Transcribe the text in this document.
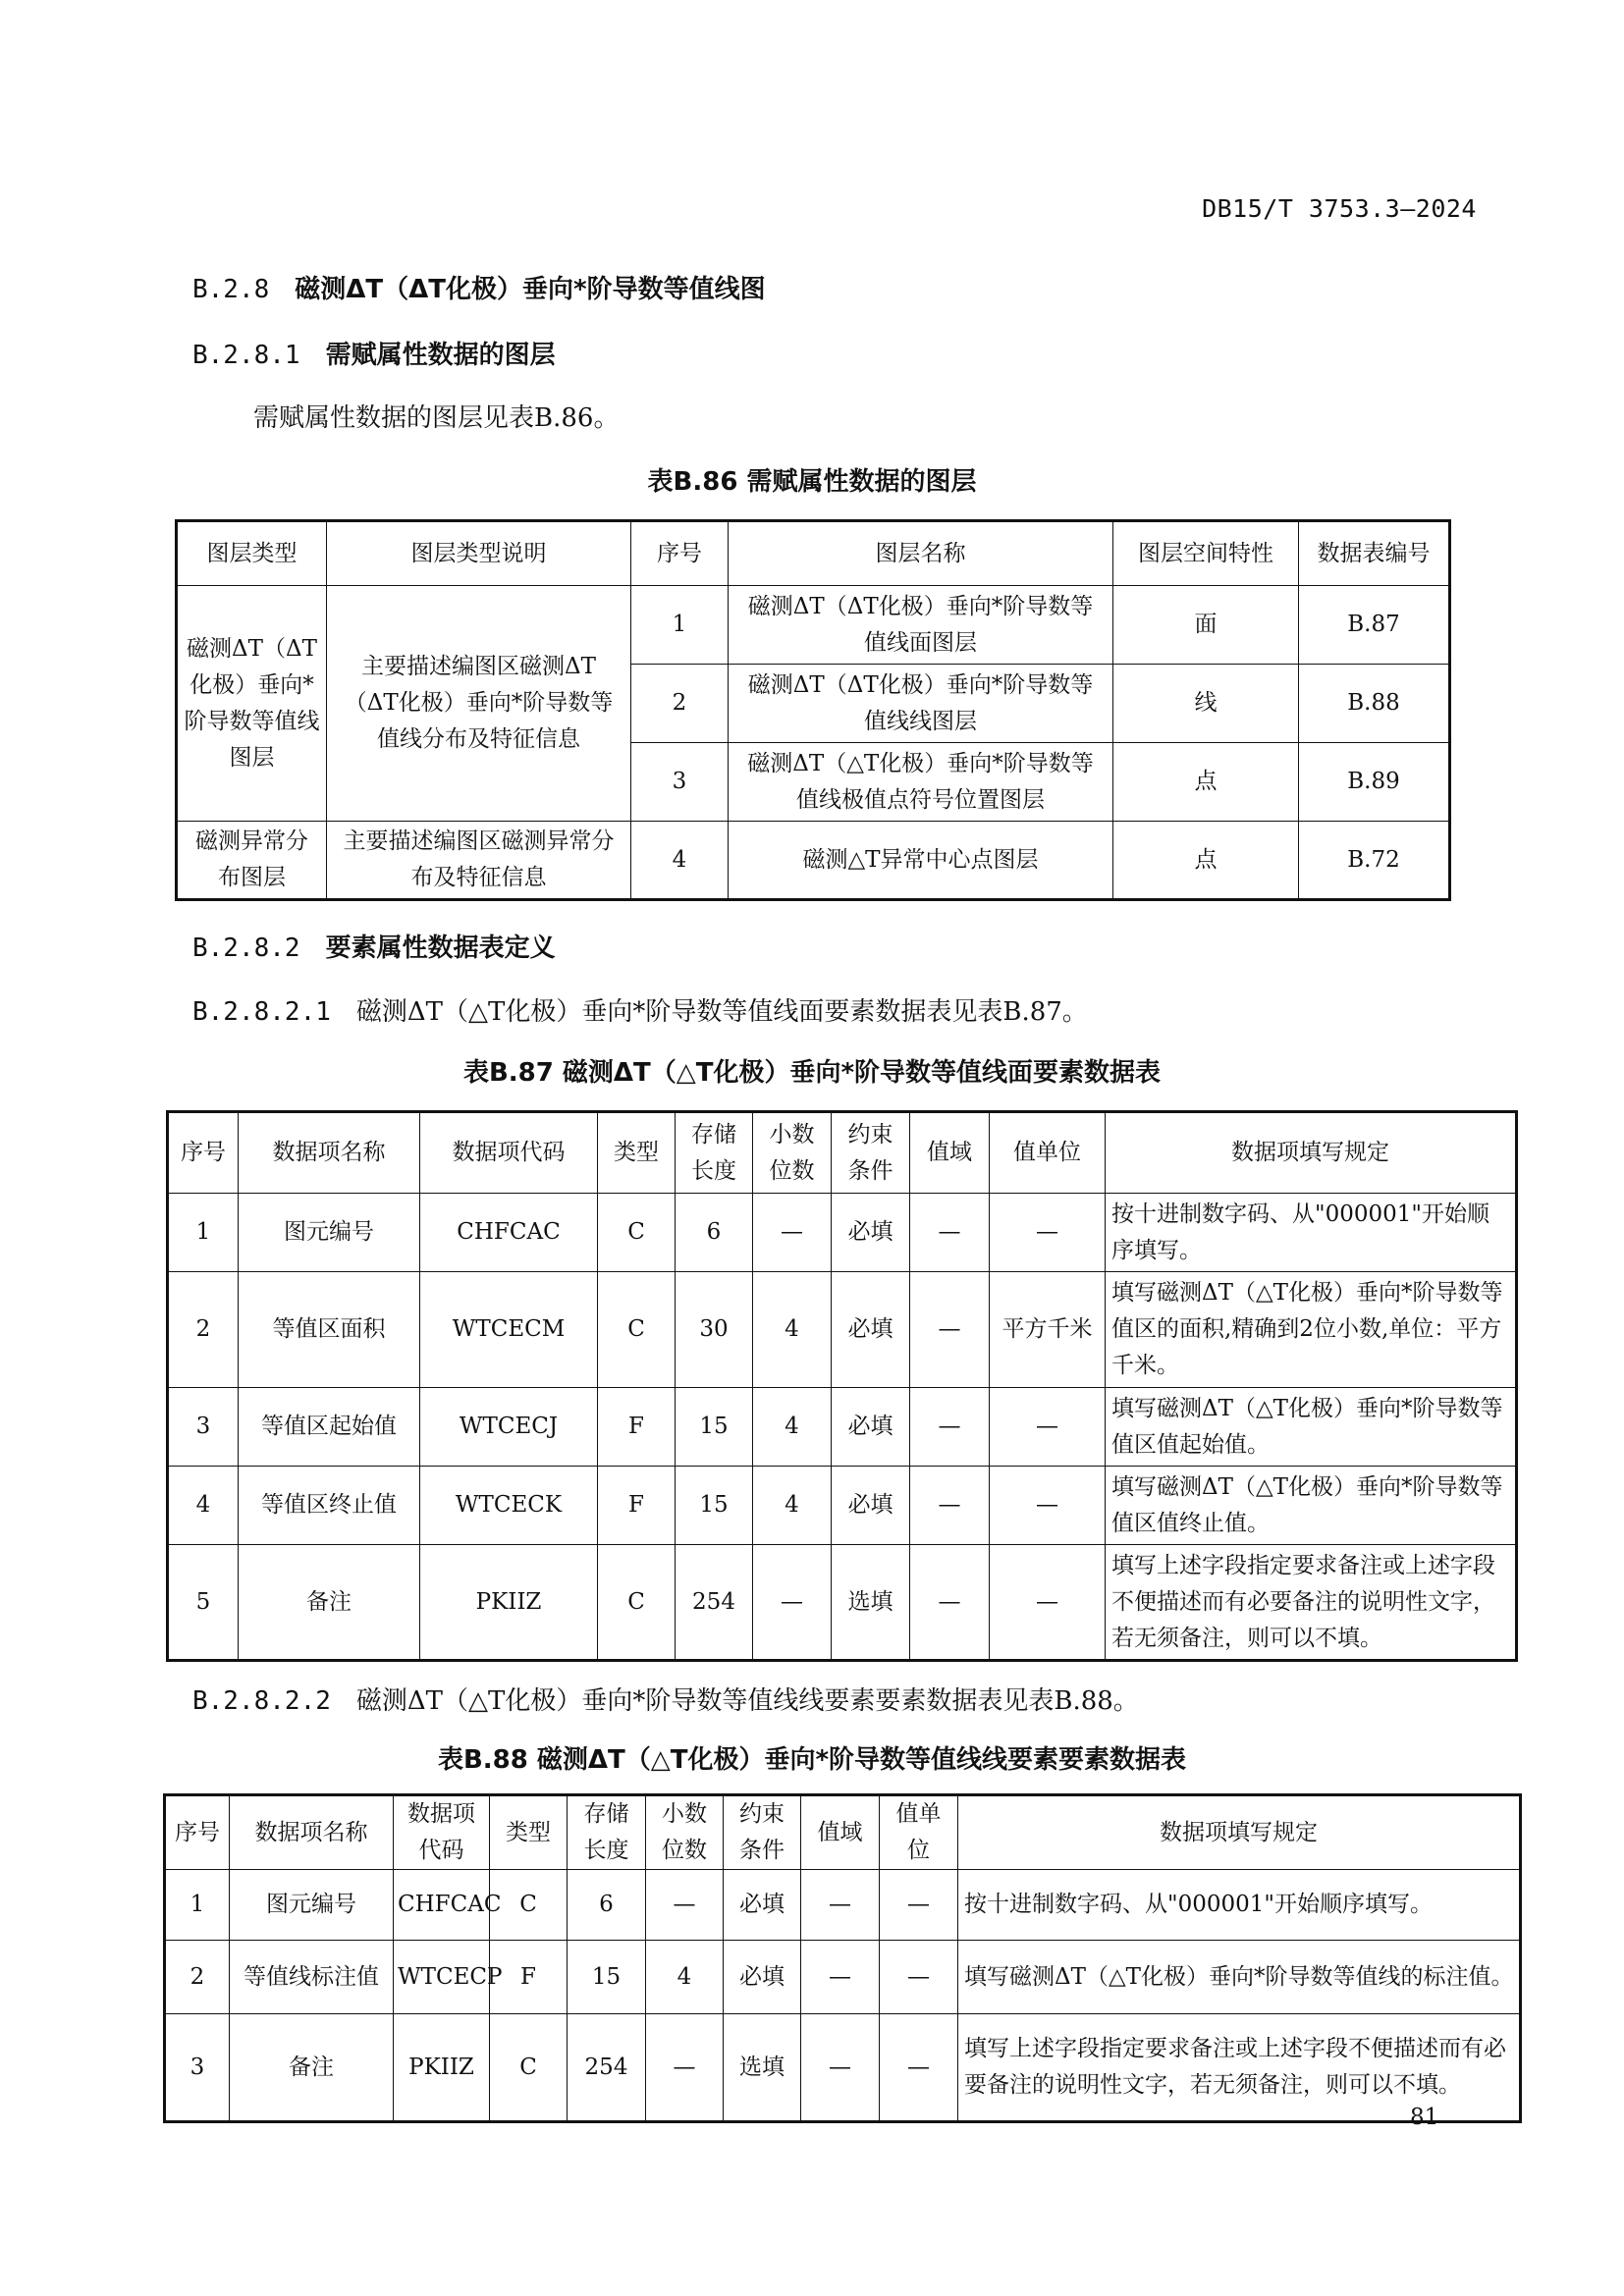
DB15/T 3753.3—2024
B.2.8 磁测ΔT（ΔT化极）垂向*阶导数等值线图
B.2.8.1 需赋属性数据的图层
需赋属性数据的图层见表B.86。
表B.86 需赋属性数据的图层
图层类型	图层类型说明	序号	图层名称	图层空间特性	数据表编号
磁测ΔT（ΔT化极）垂向*阶导数等值线图层	主要描述编图区磁测ΔT（ΔT化极）垂向*阶导数等值线分布及特征信息	1	磁测ΔT（ΔT化极）垂向*阶导数等值线面图层	面	B.87
		2	磁测ΔT（ΔT化极）垂向*阶导数等值线线图层	线	B.88
		3	磁测ΔT（△T化极）垂向*阶导数等值线极值点符号位置图层	点	B.89
磁测异常分布图层	主要描述编图区磁测异常分布及特征信息	4	磁测△T异常中心点图层	点	B.72
B.2.8.2 要素属性数据表定义
B.2.8.2.1 磁测ΔT（△T化极）垂向*阶导数等值线面要素数据表见表B.87。
表B.87 磁测ΔT（△T化极）垂向*阶导数等值线面要素数据表
序号	数据项名称	数据项代码	类型	存储长度	小数位数	约束条件	值域	值单位	数据项填写规定
1	图元编号	CHFCAC	C	6	—	必填	—	—	按十进制数字码、从"000001"开始顺序填写。
2	等值区面积	WTCECM	C	30	4	必填	—	平方千米	填写磁测ΔT（△T化极）垂向*阶导数等值区的面积,精确到2位小数,单位：平方千米。
3	等值区起始值	WTCECJ	F	15	4	必填	—	—	填写磁测ΔT（△T化极）垂向*阶导数等值区值起始值。
4	等值区终止值	WTCECK	F	15	4	必填	—	—	填写磁测ΔT（△T化极）垂向*阶导数等值区值终止值。
5	备注	PKIIZ	C	254	—	选填	—	—	填写上述字段指定要求备注或上述字段不便描述而有必要备注的说明性文字，若无须备注，则可以不填。
B.2.8.2.2 磁测ΔT（△T化极）垂向*阶导数等值线线要素要素数据表见表B.88。
表B.88 磁测ΔT（△T化极）垂向*阶导数等值线线要素要素数据表
序号	数据项名称	数据项代码	类型	存储长度	小数位数	约束条件	值域	值单位	数据项填写规定
1	图元编号	CHFCAC	C	6	—	必填	—	—	按十进制数字码、从"000001"开始顺序填写。
2	等值线标注值	WTCECP	F	15	4	必填	—	—	填写磁测ΔT（△T化极）垂向*阶导数等值线的标注值。
3	备注	PKIIZ	C	254	—	选填	—	—	填写上述字段指定要求备注或上述字段不便描述而有必要备注的说明性文字，若无须备注，则可以不填。
81
